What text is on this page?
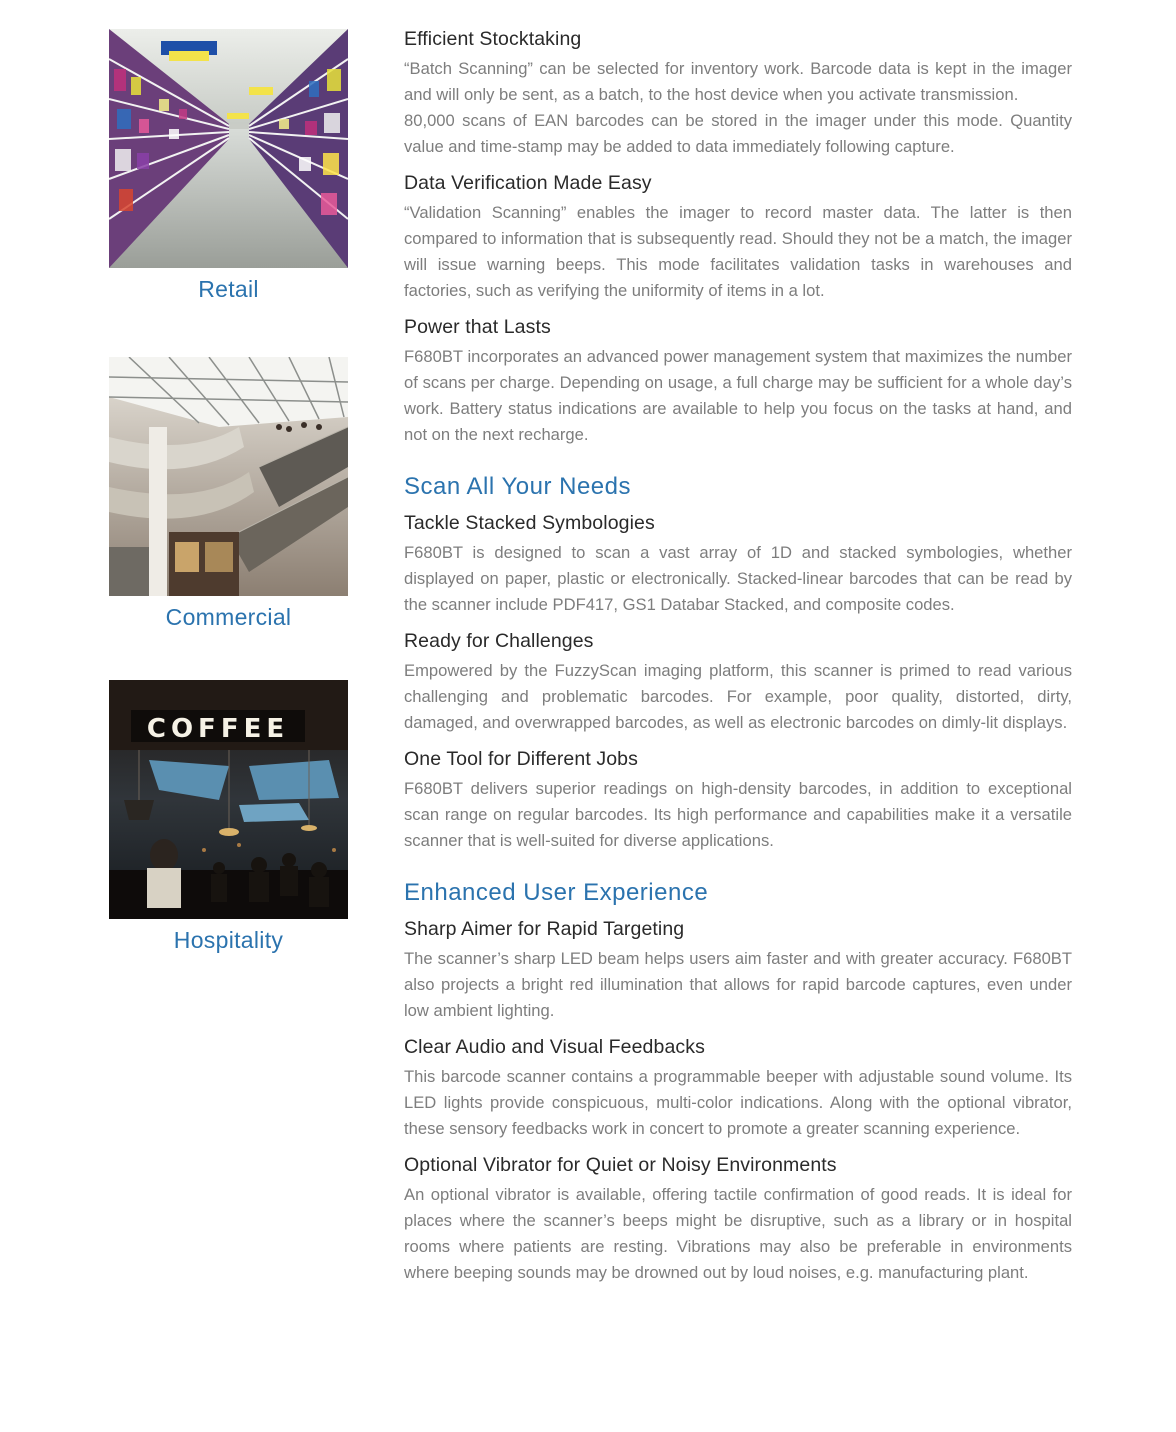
Retail
Commercial
COFFEE
Hospitality
Efficient Stocktaking

“Batch Scanning” can be selected for inventory work. Barcode data is kept in the imager and will only be sent, as a batch, to the host device when you activate transmission.

80,000 scans of EAN barcodes can be stored in the imager under this mode. Quantity value and time-stamp may be added to data immediately following capture.

Data Verification Made Easy

“Validation Scanning” enables the imager to record master data. The latter is then compared to information that is subsequently read. Should they not be a match, the imager will issue warning beeps. This mode facilitates validation tasks in warehouses and factories, such as verifying the uniformity of items in a lot.

Power that Lasts

F680BT incorporates an advanced power management system that maximizes the number of scans per charge. Depending on usage, a full charge may be sufficient for a whole day’s work. Battery status indications are available to help you focus on the tasks at hand, and not on the next recharge.

Scan All Your Needs
Tackle Stacked Symbologies

F680BT is designed to scan a vast array of 1D and stacked symbologies, whether displayed on paper, plastic or electronically. Stacked-linear barcodes that can be read by the scanner include PDF417, GS1 Databar Stacked, and composite codes.

Ready for Challenges

Empowered by the FuzzyScan imaging platform, this scanner is primed to read various challenging and problematic barcodes. For example, poor quality, distorted, dirty, damaged, and overwrapped barcodes, as well as electronic barcodes on dimly-lit displays.

One Tool for Different Jobs

F680BT delivers superior readings on high-density barcodes, in addition to exceptional scan range on regular barcodes. Its high performance and capabilities make it a versatile scanner that is well-suited for diverse applications.

Enhanced User Experience
Sharp Aimer for Rapid Targeting

The scanner’s sharp LED beam helps users aim faster and with greater accuracy. F680BT also projects a bright red illumination that allows for rapid barcode captures, even under low ambient lighting.

Clear Audio and Visual Feedbacks

This barcode scanner contains a programmable beeper with adjustable sound volume. Its LED lights provide conspicuous, multi-color indications. Along with the optional vibrator, these sensory feedbacks work in concert to promote a greater scanning experience.

Optional Vibrator for Quiet or Noisy Environments

An optional vibrator is available, offering tactile confirmation of good reads. It is ideal for places where the scanner’s beeps might be disruptive, such as a library or in hospital rooms where patients are resting. Vibrations may also be preferable in environments where beeping sounds may be drowned out by loud noises, e.g. manufacturing plant.
